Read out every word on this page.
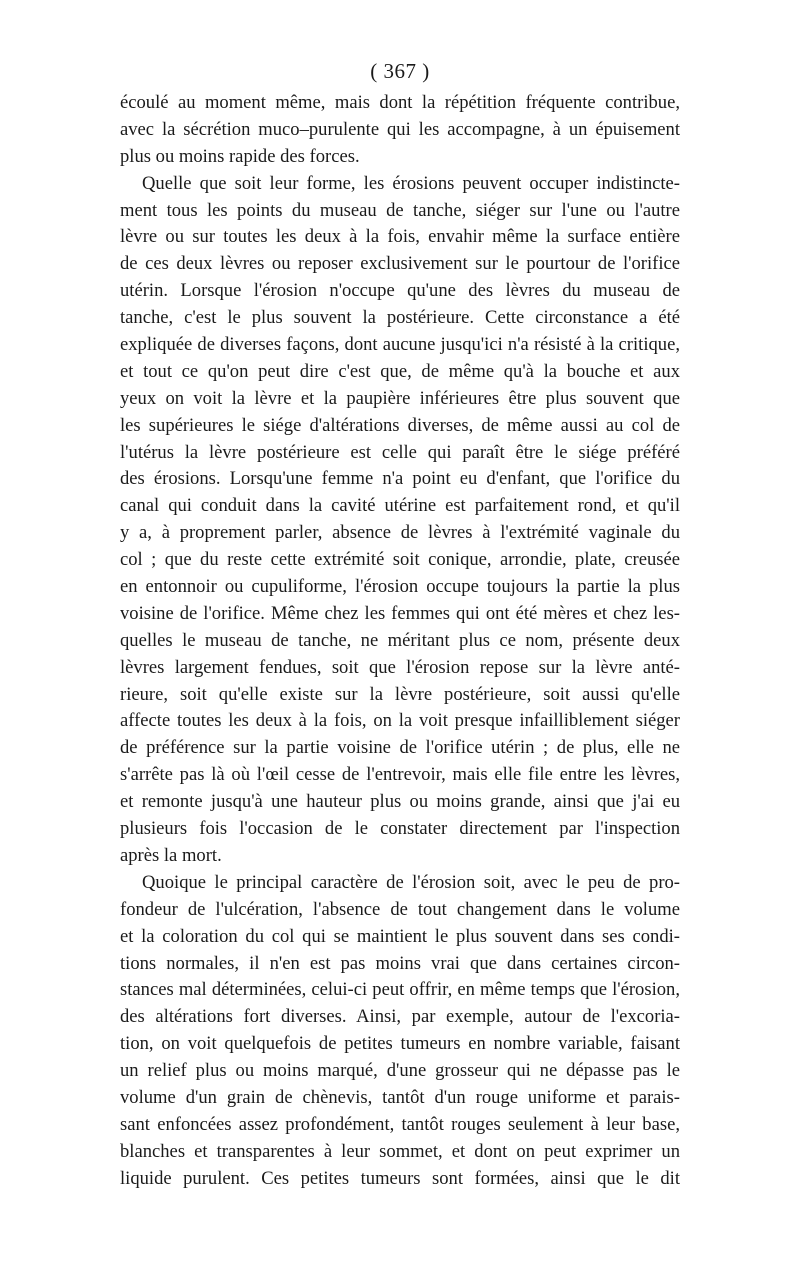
( 367 )
écoulé au moment même, mais dont la répétition fréquente contribue,
avec la sécrétion muco–purulente qui les accompagne, à un épuisement
plus ou moins rapide des forces.
Quelle que soit leur forme, les érosions peuvent occuper indistincte-
ment tous les points du museau de tanche, siéger sur l'une ou l'autre
lèvre ou sur toutes les deux à la fois, envahir même la surface entière
de ces deux lèvres ou reposer exclusivement sur le pourtour de l'orifice
utérin. Lorsque l'érosion n'occupe qu'une des lèvres du museau de
tanche, c'est le plus souvent la postérieure. Cette circonstance a été
expliquée de diverses façons, dont aucune jusqu'ici n'a résisté à la critique,
et tout ce qu'on peut dire c'est que, de même qu'à la bouche et aux
yeux on voit la lèvre et la paupière inférieures être plus souvent que
les supérieures le siége d'altérations diverses, de même aussi au col de
l'utérus la lèvre postérieure est celle qui paraît être le siége préféré
des érosions. Lorsqu'une femme n'a point eu d'enfant, que l'orifice du
canal qui conduit dans la cavité utérine est parfaitement rond, et qu'il
y a, à proprement parler, absence de lèvres à l'extrémité vaginale du
col ; que du reste cette extrémité soit conique, arrondie, plate, creusée
en entonnoir ou cupuliforme, l'érosion occupe toujours la partie la plus
voisine de l'orifice. Même chez les femmes qui ont été mères et chez les-
quelles le museau de tanche, ne méritant plus ce nom, présente deux
lèvres largement fendues, soit que l'érosion repose sur la lèvre anté-
rieure, soit qu'elle existe sur la lèvre postérieure, soit aussi qu'elle
affecte toutes les deux à la fois, on la voit presque infailliblement siéger
de préférence sur la partie voisine de l'orifice utérin ; de plus, elle ne
s'arrête pas là où l'œil cesse de l'entrevoir, mais elle file entre les lèvres,
et remonte jusqu'à une hauteur plus ou moins grande, ainsi que j'ai eu
plusieurs fois l'occasion de le constater directement par l'inspection
après la mort.
Quoique le principal caractère de l'érosion soit, avec le peu de pro-
fondeur de l'ulcération, l'absence de tout changement dans le volume
et la coloration du col qui se maintient le plus souvent dans ses condi-
tions normales, il n'en est pas moins vrai que dans certaines circon-
stances mal déterminées, celui-ci peut offrir, en même temps que l'érosion,
des altérations fort diverses. Ainsi, par exemple, autour de l'excoria-
tion, on voit quelquefois de petites tumeurs en nombre variable, faisant
un relief plus ou moins marqué, d'une grosseur qui ne dépasse pas le
volume d'un grain de chènevis, tantôt d'un rouge uniforme et parais-
sant enfoncées assez profondément, tantôt rouges seulement à leur base,
blanches et transparentes à leur sommet, et dont on peut exprimer un
liquide purulent. Ces petites tumeurs sont formées, ainsi que le dit
